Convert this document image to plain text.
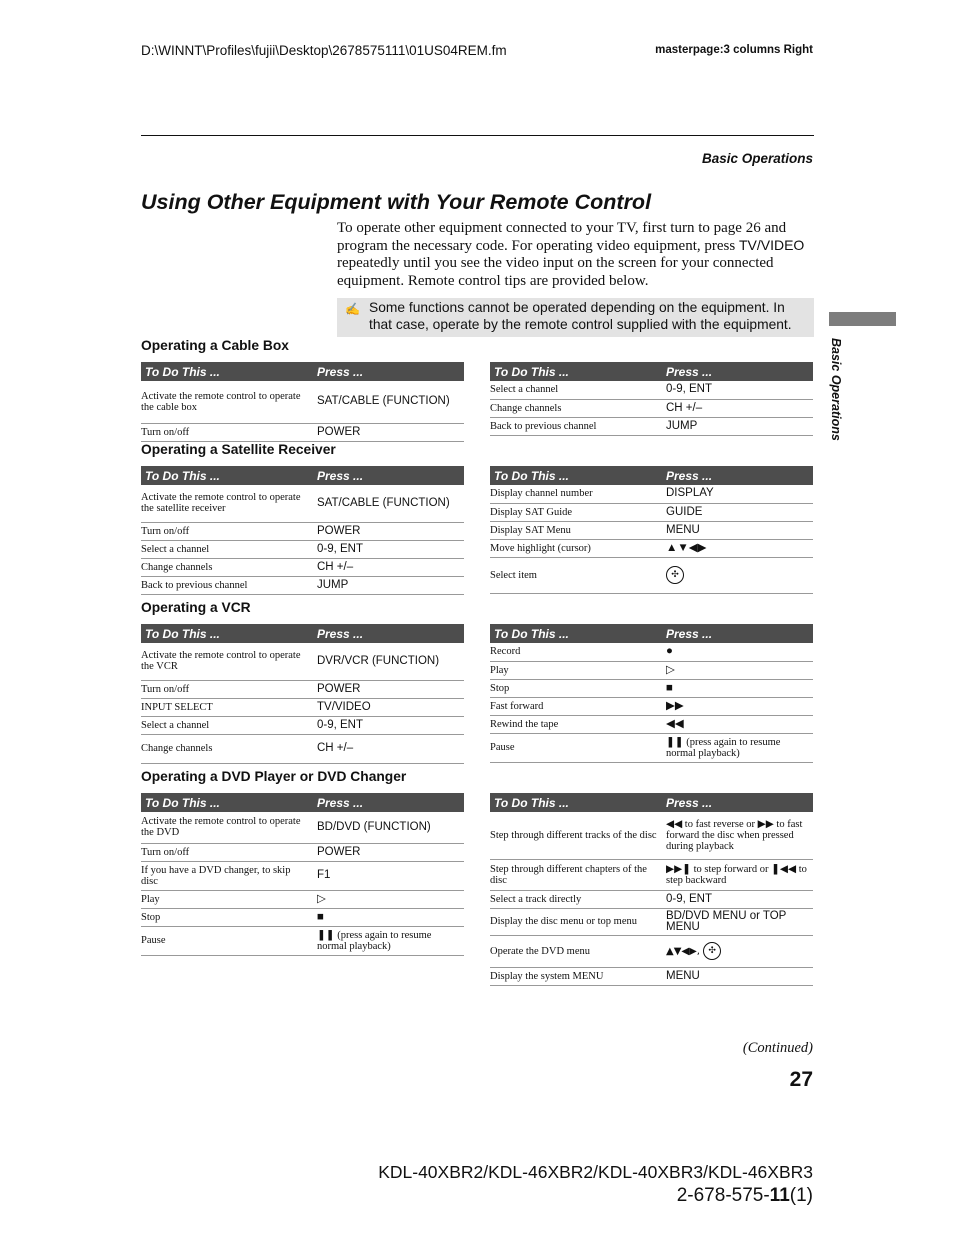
D:\WINNT\Profiles\fujii\Desktop\2678575111\01US04REM.fm	masterpage:3 columns Right
Basic Operations
Using Other Equipment with Your Remote Control

To operate other equipment connected to your TV, first turn to page 26 and program the necessary code. For operating video equipment, press TV/VIDEO repeatedly until you see the video input on the screen for your connected equipment. Remote control tips are provided below.

✍ Some functions cannot be operated depending on the equipment. In that case, operate by the remote control supplied with the equipment.
Basic Operations
Operating a Cable Box
To Do This ...	Press ...
Activate the remote control to operate the cable box	SAT/CABLE (FUNCTION)
Turn on/off	POWER
To Do This ...	Press ...
Select a channel	0-9, ENT
Change channels	CH +/–
Back to previous channel	JUMP
Operating a Satellite Receiver
To Do This ...	Press ...
Activate the remote control to operate the satellite receiver	SAT/CABLE (FUNCTION)
Turn on/off	POWER
Select a channel	0-9, ENT
Change channels	CH +/–
Back to previous channel	JUMP
To Do This ...	Press ...
Display channel number	DISPLAY
Display SAT Guide	GUIDE
Display SAT Menu	MENU
Move highlight (cursor)	▲▼◀▶
Select item	✣
Operating a VCR
To Do This ...	Press ...
Activate the remote control to operate the VCR	DVR/VCR (FUNCTION)
Turn on/off	POWER
INPUT SELECT	TV/VIDEO
Select a channel	0-9, ENT
Change channels	CH +/–
To Do This ...	Press ...
Record	●
Play	▷
Stop	■
Fast forward	▶▶
Rewind the tape	◀◀
Pause	❚❚ (press again to resume normal playback)
Operating a DVD Player or DVD Changer
To Do This ...	Press ...
Activate the remote control to operate the DVD	BD/DVD (FUNCTION)
Turn on/off	POWER
If you have a DVD changer, to skip disc	F1
Play	▷
Stop	■
Pause	❚❚ (press again to resume normal playback)
To Do This ...	Press ...
Step through different tracks of the disc	◀◀ to fast reverse or ▶▶ to fast forward the disc when pressed during playback
Step through different chapters of the disc	▶▶❚ to step forward or ❚◀◀ to step backward
Select a track directly	0-9, ENT
Display the disc menu or top menu	BD/DVD MENU or TOP MENU
Operate the DVD menu	▲▼◀▶, ✣
Display the system MENU	MENU
(Continued)
27
KDL-40XBR2/KDL-46XBR2/KDL-40XBR3/KDL-46XBR3
2-678-575-11(1)
